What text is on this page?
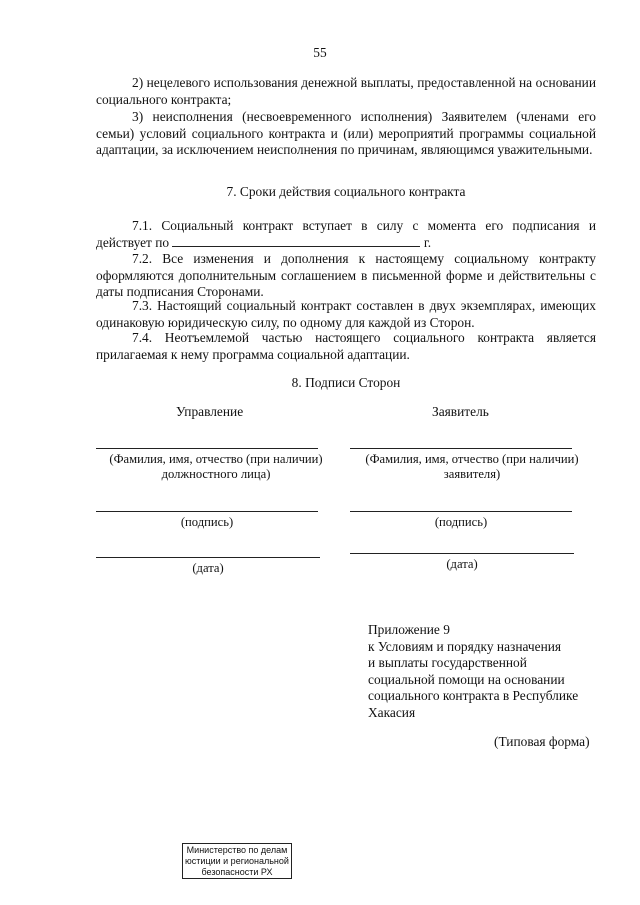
55
2) нецелевого использования денежной выплаты, предоставленной на основании социального контракта;
3) неисполнения (несвоевременного исполнения) Заявителем (членами его семьи) условий социального контракта и (или) мероприятий программы социальной адаптации, за исключением неисполнения по причинам, являющимся уважительными.
7. Сроки действия социального контракта
7.1. Социальный контракт вступает в силу с момента его подписания и действует по	г.
7.2. Все изменения и дополнения к настоящему социальному контракту оформляются дополнительным соглашением в письменной форме и действительны с даты подписания Сторонами.
7.3. Настоящий социальный контракт составлен в двух экземплярах, имеющих одинаковую юридическую силу, по одному для каждой из Сторон.
7.4. Неотъемлемой частью настоящего социального контракта является прилагаемая к нему программа социальной адаптации.
8. Подписи Сторон
Управление
(Фамилия, имя, отчество (при наличии) должностного лица)
(подпись)
(дата)
Заявитель
(Фамилия, имя, отчество (при наличии) заявителя)
(подпись)
(дата)
Приложение 9
к Условиям и порядку назначения
и выплаты государственной
социальной помощи на основании
социального контракта в Республике
Хакасия
(Типовая форма)
Министерство по делам
юстиции и региональной
безопасности РХ
